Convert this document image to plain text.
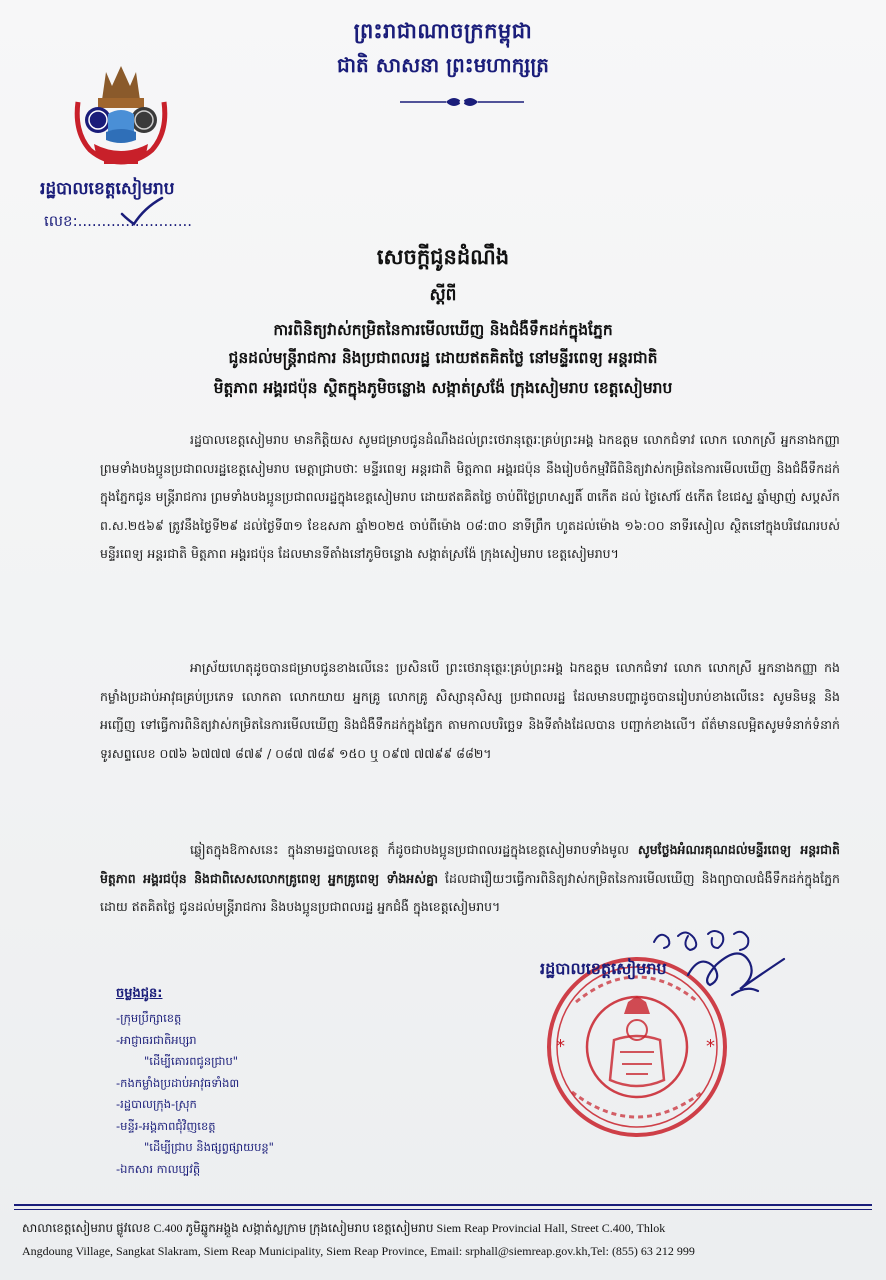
ព្រះរាជាណាចក្រកម្ពុជា
ជាតិ សាសនា ព្រះមហាក្សត្រ
រដ្ឋបាលខេត្តសៀមរាប
លេខ:........................
សេចក្ដីជូនដំណឹង
ស្ដីពី
ការពិនិត្យវាស់កម្រិតនៃការមើលឃើញ និងជំងឺទឹកដក់ក្នុងភ្នែក
ជូនដល់មន្ត្រីរាជការ និងប្រជាពលរដ្ឋ ដោយឥតគិតថ្លៃ នៅមន្ទីរពេទ្យ អន្តរជាតិ
មិត្តភាព អង្គរជប៉ុន ស្ថិតក្នុងភូមិចន្លោង សង្កាត់ស្រង៉ែ ក្រុងសៀមរាប ខេត្តសៀមរាប
រដ្ឋបាលខេត្តសៀមរាប មានកិត្តិយស សូមជម្រាបជូនដំណឹងដល់ព្រះថេរានុត្ថេរៈគ្រប់ព្រះអង្គ ឯកឧត្តម លោកជំទាវ លោក លោកស្រី អ្នកនាងកញ្ញា ព្រមទាំងបងប្អូនប្រជាពលរដ្ឋខេត្តសៀមរាប មេត្តាជ្រាបថាៈ មន្ទីរពេទ្យ អន្តរជាតិ មិត្តភាព អង្គរជប៉ុន នឹងរៀបចំកម្មវិធីពិនិត្យវាស់កម្រិតនៃការមើលឃើញ និងជំងឺទឹកដក់ក្នុងភ្នែកជូន មន្ត្រីរាជការ ព្រមទាំងបងប្អូនប្រជាពលរដ្ឋក្នុងខេត្តសៀមរាប ដោយឥតគិតថ្លៃ ចាប់ពីថ្ងៃព្រហស្បតិ៍ ៣កើត ដល់ ថ្ងៃសៅរ៍ ៥កើត ខែជេស្ឋ ឆ្នាំម្សាញ់ សប្តស័ក ព.ស.២៥៦៩ ត្រូវនឹងថ្ងៃទី២៩ ដល់ថ្ងៃទី៣១ ខែឧសភា ឆ្នាំ២០២៥ ចាប់ពីម៉ោង ០៨:៣០ នាទីព្រឹក ហូតដល់ម៉ោង ១៦:០០ នាទីរសៀល ស្ថិតនៅក្នុងបរិវេណរបស់មន្ទីរពេទ្យ អន្តរជាតិ មិត្តភាព អង្គរជប៉ុន ដែលមានទីតាំងនៅភូមិចន្លោង សង្កាត់ស្រង៉ែ ក្រុងសៀមរាប ខេត្តសៀមរាប។
អាស្រ័យហេតុដូចបានជម្រាបជូនខាងលើនេះ ប្រសិនបើ ព្រះថេរានុត្ថេរៈគ្រប់ព្រះអង្គ ឯកឧត្តម លោកជំទាវ លោក លោកស្រី អ្នកនាងកញ្ញា កងកម្លាំងប្រដាប់អាវុធគ្រប់ប្រភេទ លោកតា លោកយាយ អ្នកគ្រូ លោកគ្រូ សិស្សានុសិស្ស ប្រជាពលរដ្ឋ ដែលមានបញ្ហាដូចបានរៀបរាប់ខាងលើនេះ សូមនិមន្ត និងអញ្ជើញ ទៅធ្វើការពិនិត្យវាស់កម្រិតនៃការមើលឃើញ និងជំងឺទឹកដក់ក្នុងភ្នែក តាមកាលបរិច្ឆេទ និងទីតាំងដែលបាន បញ្ជាក់ខាងលើ។ ព័ត៌មានលម្អិតសូមទំនាក់ទំនាក់ទូរសព្ទលេខ ០៧៦ ៦៧៧៧ ៨៧៩ / ០៨៧ ៧៨៩ ១៥០ ឬ ០៩៧ ៧៧៩៩ ៨៨២។
ឆ្លៀតក្នុងឱកាសនេះ ក្នុងនាមរដ្ឋបាលខេត្ត ក៏ដូចជាបងប្អូនប្រជាពលរដ្ឋក្នុងខេត្តសៀមរាបទាំងមូល សូមថ្លែងអំណរគុណដល់មន្ទីរពេទ្យ អន្តរជាតិ មិត្តភាព អង្គរជប៉ុន និងជាពិសេសលោកគ្រូពេទ្យ អ្នកគ្រូពេទ្យ ទាំងអស់គ្នា ដែលជារឿយៗធ្វើការពិនិត្យវាស់កម្រិតនៃការមើលឃើញ និងព្យាបាលជំងឺទឹកដក់ក្នុងភ្នែកដោយ ឥតគិតថ្លៃ ជូនដល់មន្ត្រីរាជការ និងបងប្អូនប្រជាពលរដ្ឋ អ្នកជំងឺ ក្នុងខេត្តសៀមរាប។
*	*
រដ្ឋបាលខេត្តសៀមរាប
ចម្លងជូន:
-ក្រុមប្រឹក្សាខេត្ត
-អាជ្ញាធរជាតិអប្សរា
"ដើម្បីគោរពជូនជ្រាប"
-កងកម្លាំងប្រដាប់អាវុធទាំង៣
-រដ្ឋបាលក្រុង-ស្រុក
-មន្ទីរ-អង្គភាពជុំវិញខេត្ត
"ដើម្បីជ្រាប និងផ្សព្វផ្សាយបន្ត"
-ឯកសារ កាលប្បវត្តិ
សាលាខេត្តសៀមរាប ផ្លូវលេខ C.400 ភូមិឆ្នូកអង្គួង សង្កាត់ស្លក្រាម ក្រុងសៀមរាប ខេត្តសៀមរាប Siem Reap Provincial Hall, Street C.400, Thlok
Angdoung Village, Sangkat Slakram, Siem Reap Municipality, Siem Reap Province, Email: srphall@siemreap.gov.kh,Tel: (855) 63 212 999
